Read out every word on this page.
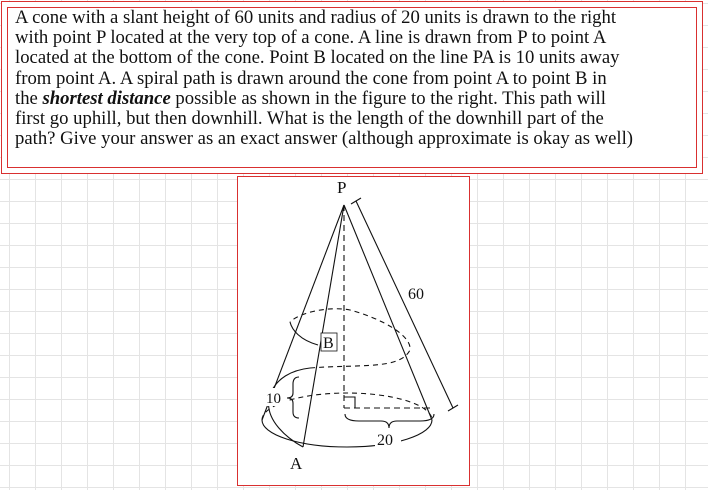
A cone with a slant height of 60 units and radius of 20 units is drawn to the right
with point P located at the very top of a cone. A line is drawn from P to point A
located at the bottom of the cone. Point B located on the line PA is 10 units away
from point A. A spiral path is drawn around the cone from point A to point B in
the shortest distance possible as shown in the figure to the right. This path will
first go uphill, but then downhill. What is the length of the downhill part of the
path? Give your answer as an exact answer (although approximate is okay as well)

P
A
B
60
20
10
